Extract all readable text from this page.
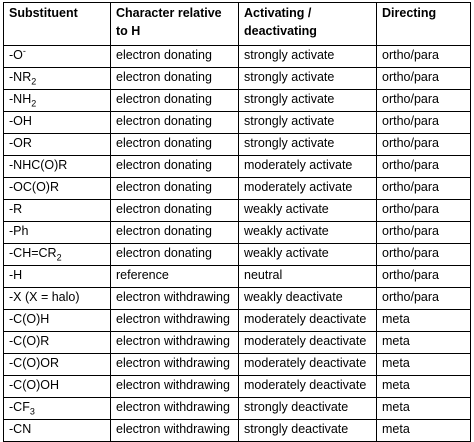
Substituent	Character relative to H	Activating / deactivating	Directing
-O-	electron donating	strongly activate	ortho/para
$-NR_2$	electron donating	strongly activate	ortho/para
$-NH_2$	electron donating	strongly activate	ortho/para
-OH	electron donating	strongly activate	ortho/para
-OR	electron donating	strongly activate	ortho/para
-NHC(O)R	electron donating	moderately activate	ortho/para
-OC(O)R	electron donating	moderately activate	ortho/para
-R	electron donating	weakly activate	ortho/para
-Ph	electron donating	weakly activate	ortho/para
$-CH=CR_2$	electron donating	weakly activate	ortho/para
-H	reference	neutral	ortho/para
-X (X = halo)	electron withdrawing	weakly deactivate	ortho/para
-C(O)H	electron withdrawing	moderately deactivate	meta
-C(O)R	electron withdrawing	moderately deactivate	meta
-C(O)OR	electron withdrawing	moderately deactivate	meta
-C(O)OH	electron withdrawing	moderately deactivate	meta
$-CF_3$	electron withdrawing	strongly deactivate	meta
-CN	electron withdrawing	strongly deactivate	meta
